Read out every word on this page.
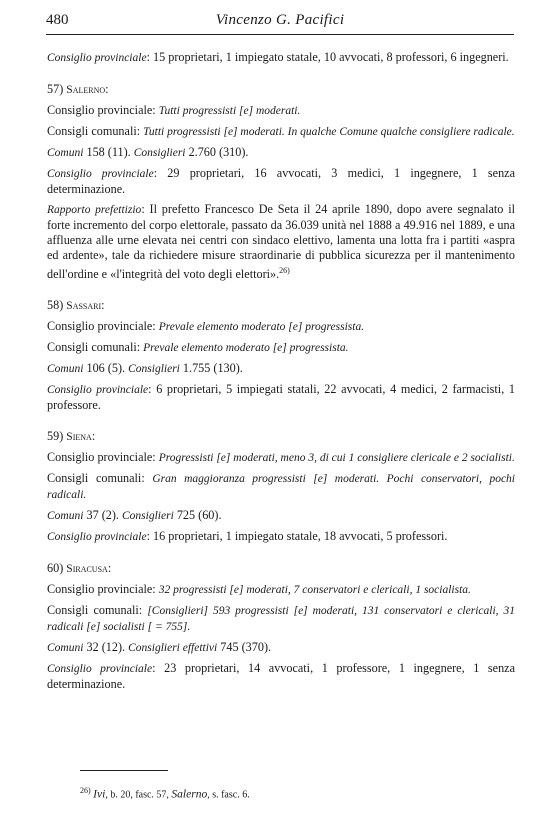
480	Vincenzo G. Pacifici

Consiglio provinciale: 15 proprietari, 1 impiegato statale, 10 avvocati, 8 professori, 6 ingegneri.

57) Salerno:

Consiglio provinciale: Tutti progressisti [e] moderati.

Consigli comunali: Tutti progressisti [e] moderati. In qualche Comune qualche consigliere radicale.

Comuni 158 (11). Consiglieri 2.760 (310).

Consiglio provinciale: 29 proprietari, 16 avvocati, 3 medici, 1 ingegnere, 1 senza determinazione.

Rapporto prefettizio: Il prefetto Francesco De Seta il 24 aprile 1890, dopo avere segnalato il forte incremento del corpo elettorale, passato da 36.039 unità nel 1888 a 49.916 nel 1889, e una affluenza alle urne elevata nei centri con sindaco elettivo, lamenta una lotta fra i partiti «aspra ed ardente», tale da richiedere misure straordinarie di pubblica sicurezza per il mantenimento dell'ordine e «l'integrità del voto degli elettori».$^{26)}$

58) Sassari:

Consiglio provinciale: Prevale elemento moderato [e] progressista.

Consigli comunali: Prevale elemento moderato [e] progressista.

Comuni 106 (5). Consiglieri 1.755 (130).

Consiglio provinciale: 6 proprietari, 5 impiegati statali, 22 avvocati, 4 medici, 2 farmacisti, 1 professore.

59) Siena:

Consiglio provinciale: Progressisti [e] moderati, meno 3, di cui 1 consigliere clericale e 2 socialisti.

Consigli comunali: Gran maggioranza progressisti [e] moderati. Pochi conservatori, pochi radicali.

Comuni 37 (2). Consiglieri 725 (60).

Consiglio provinciale: 16 proprietari, 1 impiegato statale, 18 avvocati, 5 professori.

60) Siracusa:

Consiglio provinciale: 32 progressisti [e] moderati, 7 conservatori e clericali, 1 socialista.

Consigli comunali: [Consiglieri] 593 progressisti [e] moderati, 131 conservatori e clericali, 31 radicali [e] socialisti [ = 755].

Comuni 32 (12). Consiglieri effettivi 745 (370).

Consiglio provinciale: 23 proprietari, 14 avvocati, 1 professore, 1 ingegnere, 1 senza determinazione.

$^{26)}$ Ivi, b. 20, fasc. 57, Salerno, s. fasc. 6.
